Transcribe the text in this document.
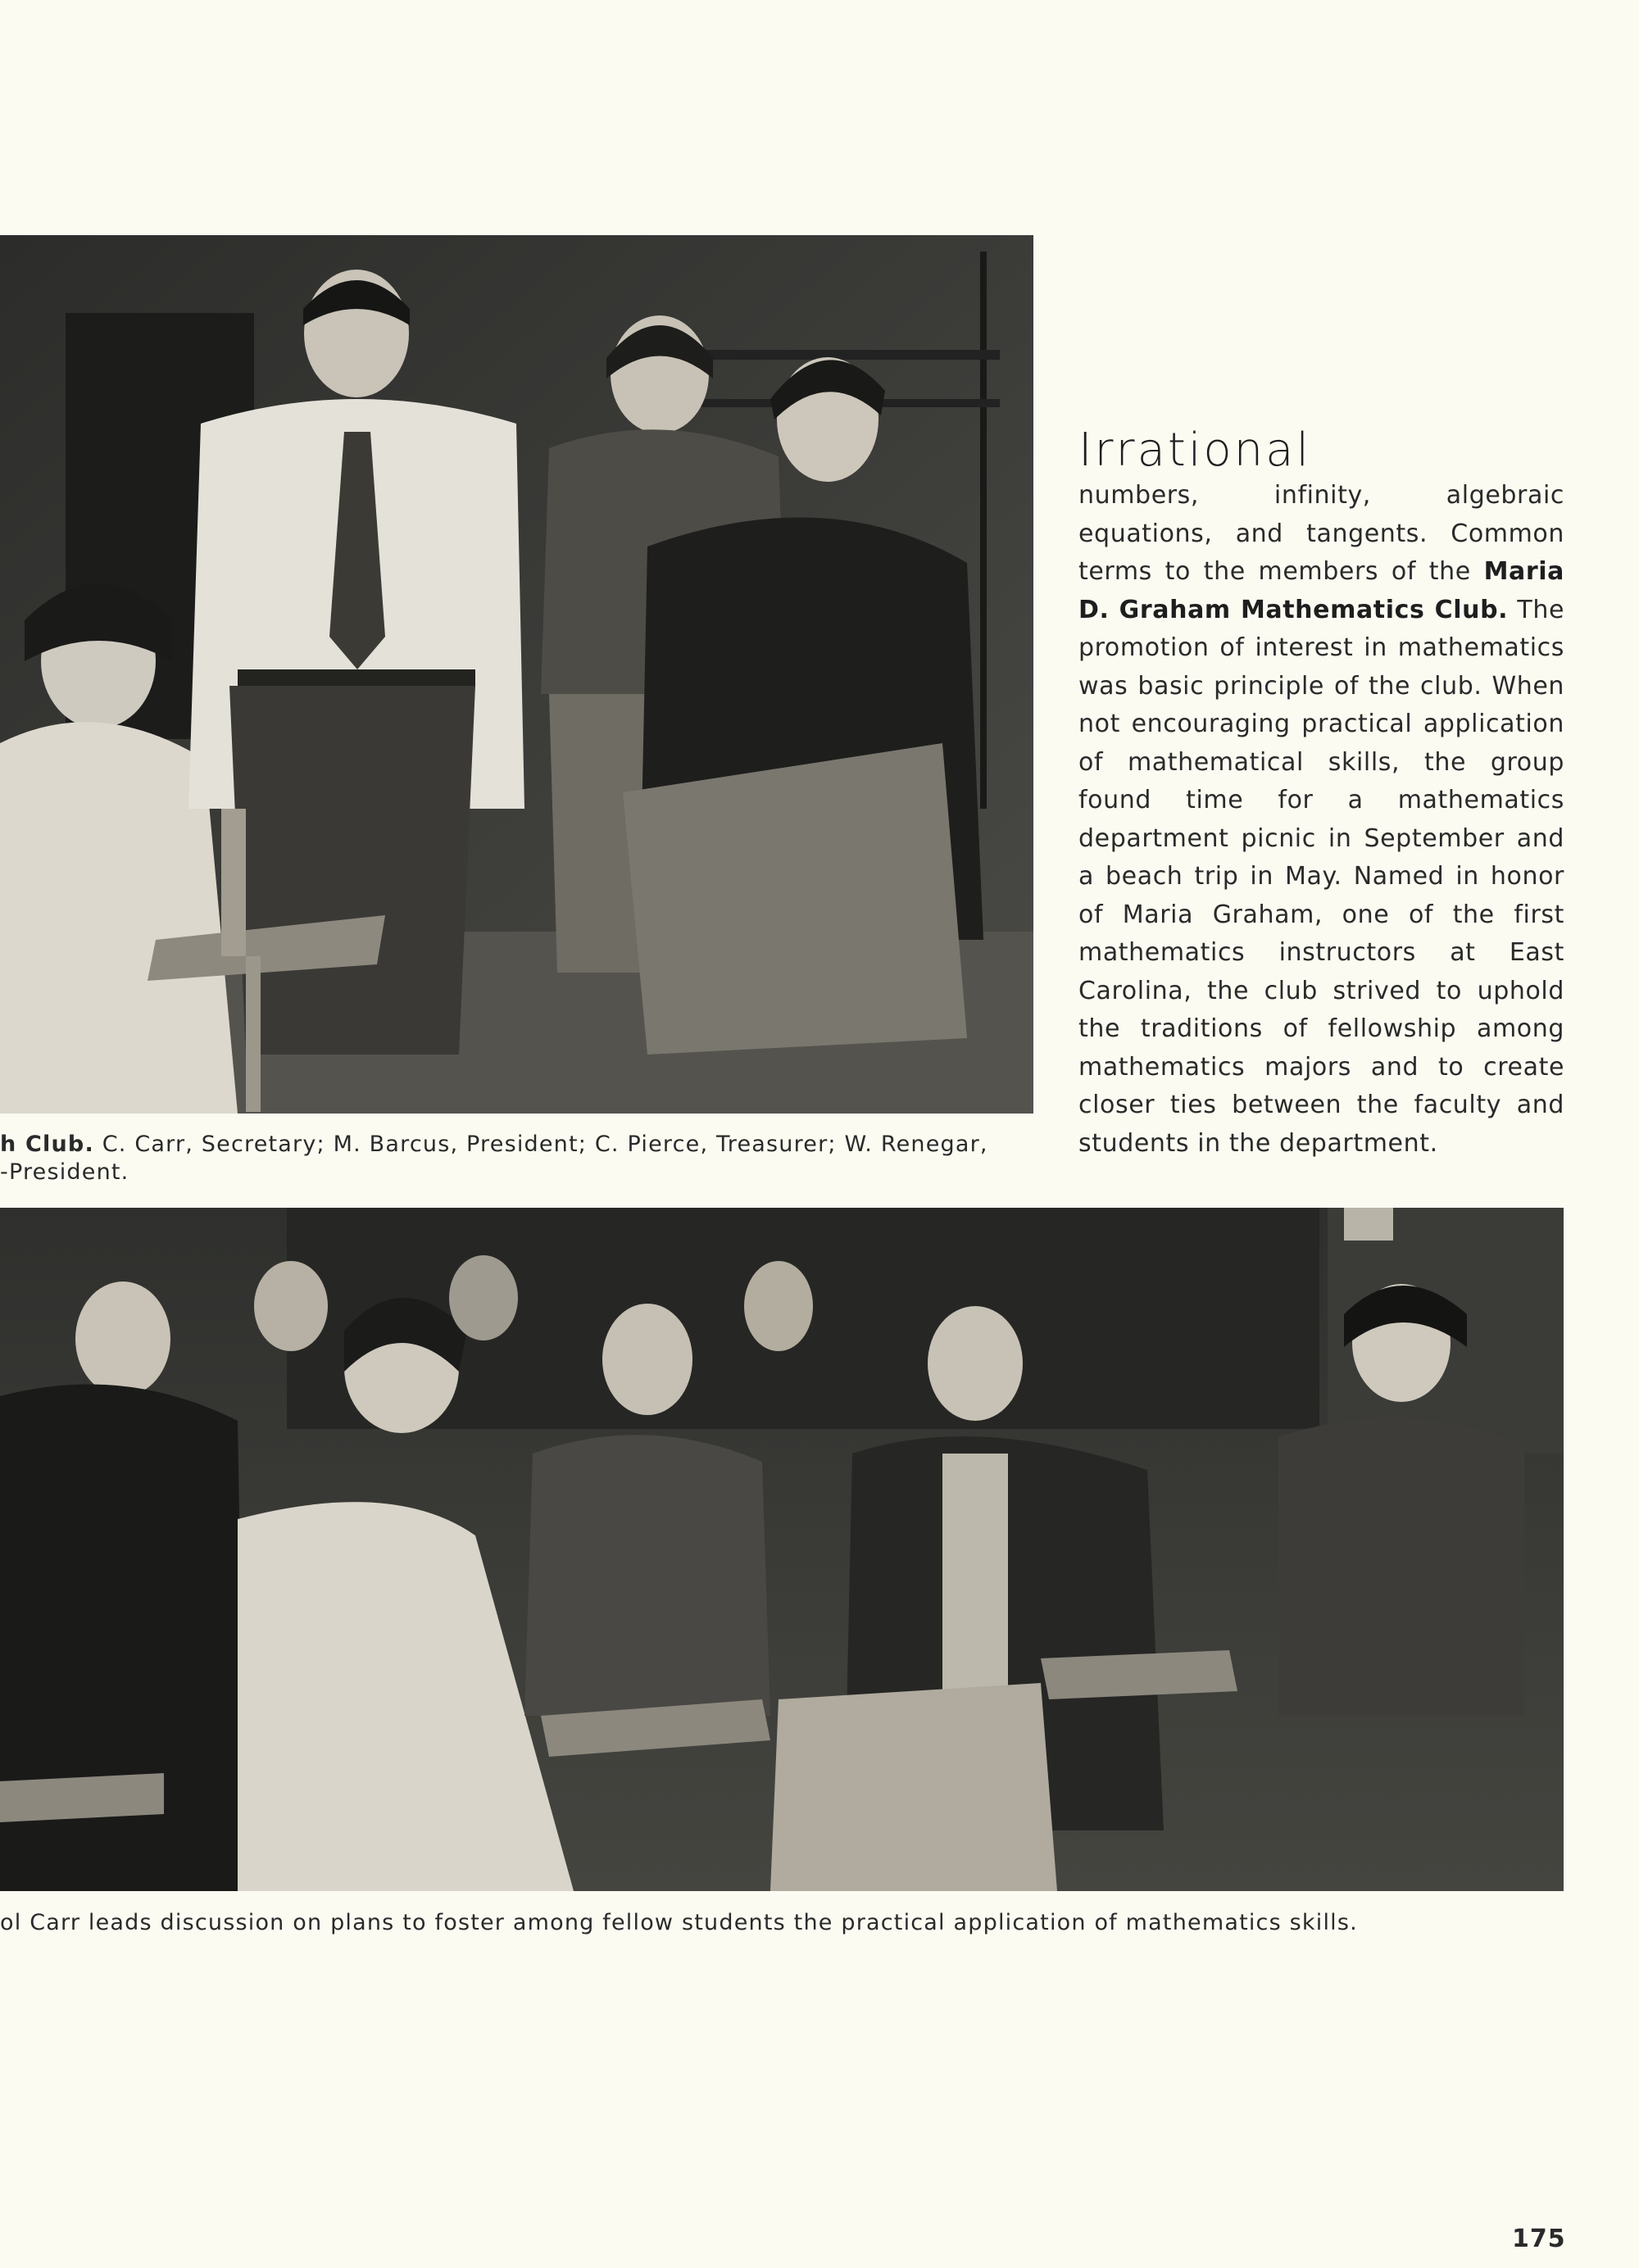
h Club. C. Carr, Secretary; M. Barcus, President; C. Pierce, Treasurer; W. Renegar,
-President.
Irrational

numbers, infinity, algebraic equations, and tangents. Common terms to the members of the Maria D. Graham Mathematics Club. The promotion of interest in mathematics was basic principle of the club. When not encouraging practical application of mathematical skills, the group found time for a mathematics department picnic in September and a beach trip in May. Named in honor of Maria Graham, one of the first mathematics instructors at East Carolina, the club strived to uphold the traditions of fellowship among mathematics majors and to create closer ties between the faculty and students in the department.

ol Carr leads discussion on plans to foster among fellow students the practical application of mathematics skills.
175
